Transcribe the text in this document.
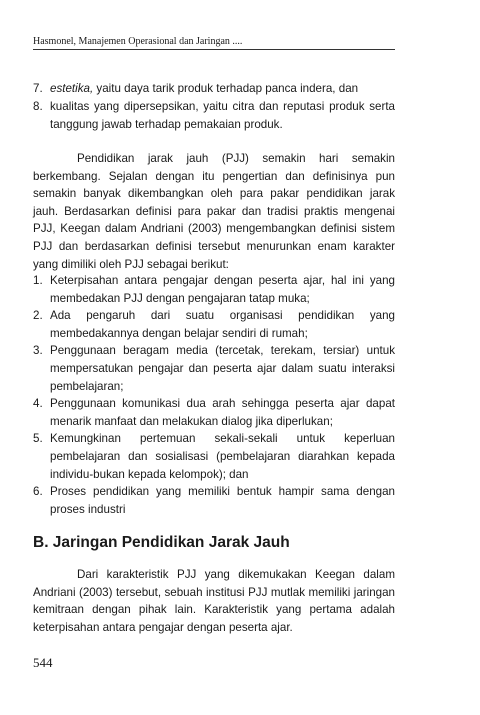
Hasmonel, Manajemen Operasional dan Jaringan ....
7. estetika, yaitu daya tarik produk terhadap panca indera, dan
8. kualitas yang dipersepsikan, yaitu citra dan reputasi produk serta tanggung jawab terhadap pemakaian produk.

Pendidikan jarak jauh (PJJ) semakin hari semakin berkembang. Sejalan dengan itu pengertian dan definisinya pun semakin banyak dikembangkan oleh para pakar pendidikan jarak jauh. Berdasarkan definisi para pakar dan tradisi praktis mengenai PJJ, Keegan dalam Andriani (2003) mengembangkan definisi sistem PJJ dan berdasarkan definisi tersebut menurunkan enam karakter yang dimiliki oleh PJJ sebagai berikut:

1. Keterpisahan antara pengajar dengan peserta ajar, hal ini yang membedakan PJJ dengan pengajaran tatap muka;
2. Ada pengaruh dari suatu organisasi pendidikan yang membedakannya dengan belajar sendiri di rumah;
3. Penggunaan beragam media (tercetak, terekam, tersiar) untuk mempersatukan pengajar dan peserta ajar dalam suatu interaksi pembelajaran;
4. Penggunaan komunikasi dua arah sehingga peserta ajar dapat menarik manfaat dan melakukan dialog jika diperlukan;
5. Kemungkinan pertemuan sekali-sekali untuk keperluan pembelajaran dan sosialisasi (pembelajaran diarahkan kepada individu-bukan kepada kelompok); dan
6. Proses pendidikan yang memiliki bentuk hampir sama dengan proses industri
B. Jaringan Pendidikan Jarak Jauh

Dari karakteristik PJJ yang dikemukakan Keegan dalam Andriani (2003) tersebut, sebuah institusi PJJ mutlak memiliki jaringan kemitraan dengan pihak lain. Karakteristik yang pertama adalah keterpisahan antara pengajar dengan peserta ajar.

544
